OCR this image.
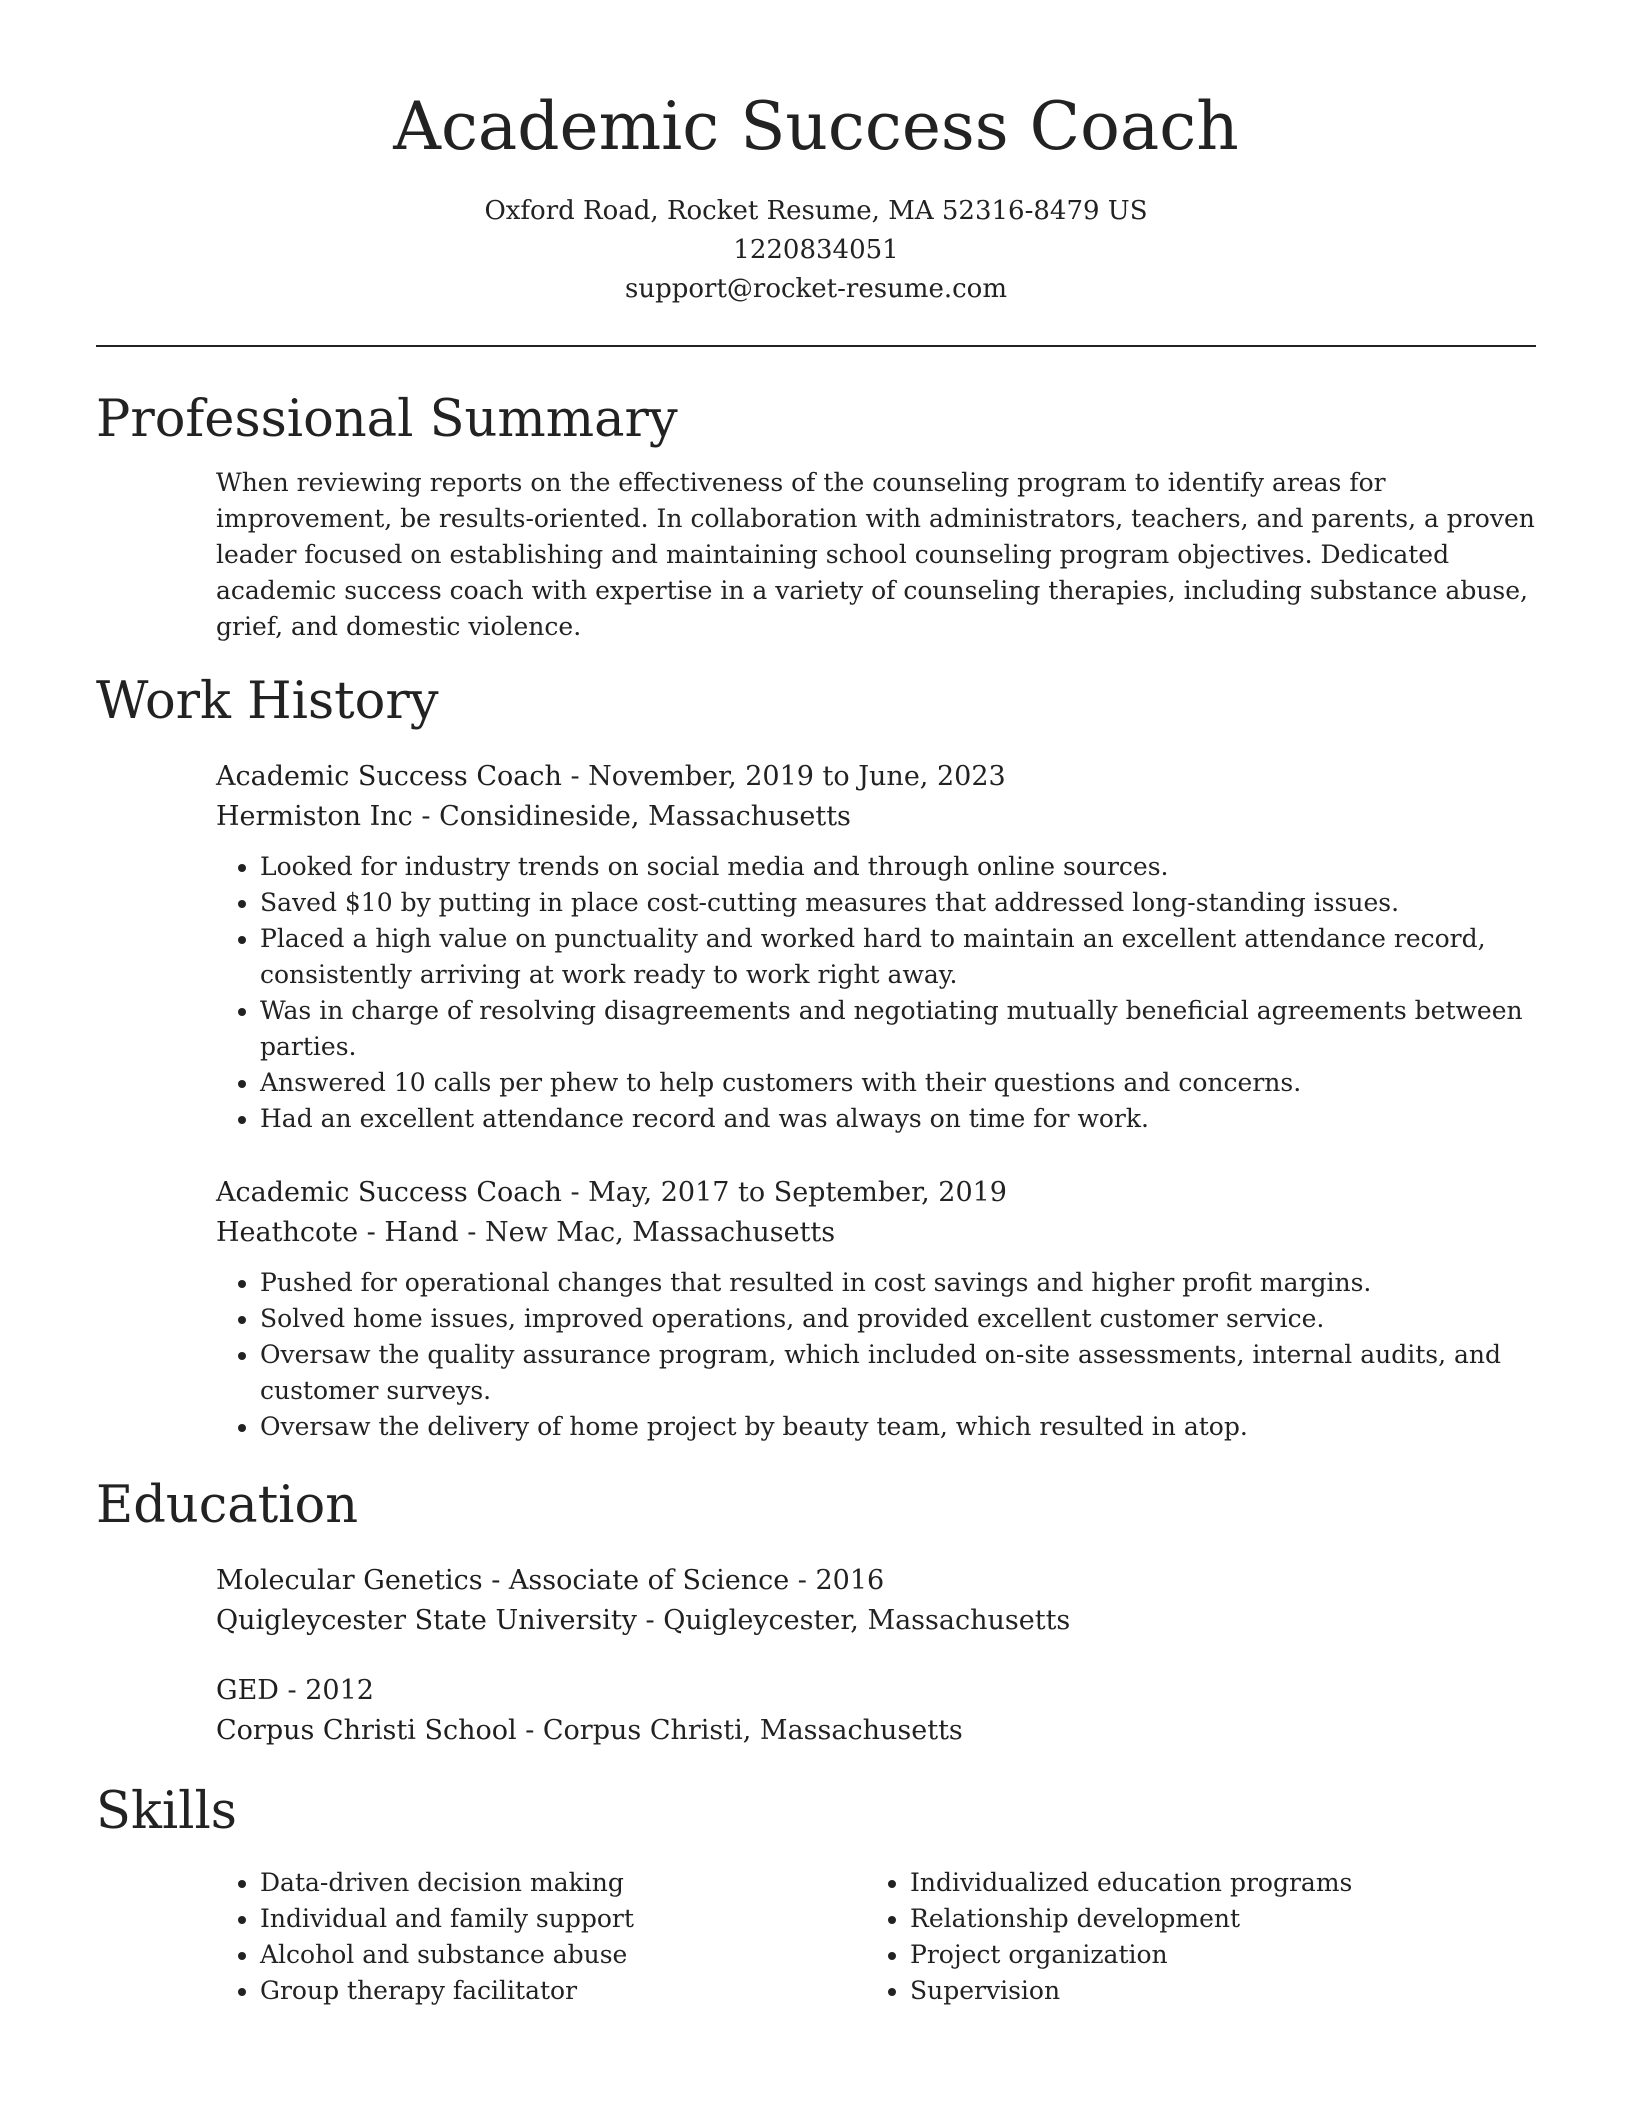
Academic Success Coach
Oxford Road, Rocket Resume, MA 52316-8479 US
1220834051
support@rocket-resume.com
Professional Summary
When reviewing reports on the effectiveness of the counseling program to identify areas for improvement, be results-oriented. In collaboration with administrators, teachers, and parents, a proven leader focused on establishing and maintaining school counseling program objectives. Dedicated academic success coach with expertise in a variety of counseling therapies, including substance abuse, grief, and domestic violence.
Work History
Academic Success Coach - November, 2019 to June, 2023
Hermiston Inc - Considineside, Massachusetts
• Looked for industry trends on social media and through online sources.
• Saved $10 by putting in place cost-cutting measures that addressed long-standing issues.
• Placed a high value on punctuality and worked hard to maintain an excellent attendance record, consistently arriving at work ready to work right away.
• Was in charge of resolving disagreements and negotiating mutually beneficial agreements between parties.
• Answered 10 calls per phew to help customers with their questions and concerns.
• Had an excellent attendance record and was always on time for work.
Academic Success Coach - May, 2017 to September, 2019
Heathcote - Hand - New Mac, Massachusetts
• Pushed for operational changes that resulted in cost savings and higher profit margins.
• Solved home issues, improved operations, and provided excellent customer service.
• Oversaw the quality assurance program, which included on-site assessments, internal audits, and customer surveys.
• Oversaw the delivery of home project by beauty team, which resulted in atop.
Education
Molecular Genetics - Associate of Science - 2016
Quigleycester State University - Quigleycester, Massachusetts
GED - 2012
Corpus Christi School - Corpus Christi, Massachusetts
Skills
• Data-driven decision making
• Individual and family support
• Alcohol and substance abuse
• Group therapy facilitator
• Individualized education programs
• Relationship development
• Project organization
• Supervision
